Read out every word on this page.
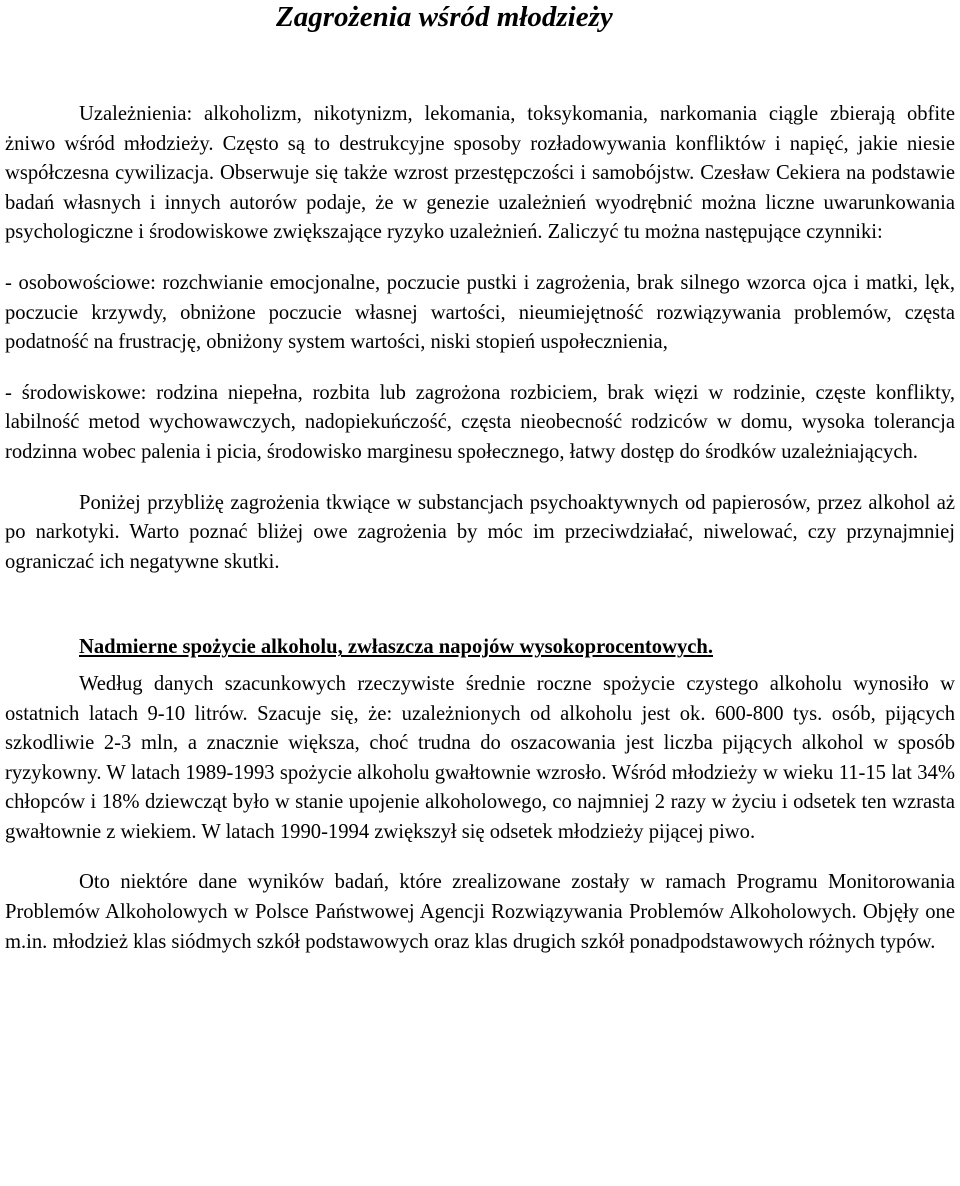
Zagrożenia wśród młodzieży

Uzależnienia: alkoholizm, nikotynizm, lekomania, toksykomania, narkomania ciągle zbierają obfite żniwo wśród młodzieży. Często są to destrukcyjne sposoby rozładowywania konfliktów i napięć, jakie niesie współczesna cywilizacja. Obserwuje się także wzrost przestępczości i samobójstw. Czesław Cekiera na podstawie badań własnych i innych autorów podaje, że w genezie uzależnień wyodrębnić można liczne uwarunkowania psychologiczne i środowiskowe zwiększające ryzyko uzależnień. Zaliczyć tu można następujące czynniki:

- osobowościowe: rozchwianie emocjonalne, poczucie pustki i zagrożenia, brak silnego wzorca ojca i matki, lęk, poczucie krzywdy, obniżone poczucie własnej wartości, nieumiejętność rozwiązywania problemów, częsta podatność na frustrację, obniżony system wartości, niski stopień uspołecznienia,

- środowiskowe: rodzina niepełna, rozbita lub zagrożona rozbiciem, brak więzi w rodzinie, częste konflikty, labilność metod wychowawczych, nadopiekuńczość, częsta nieobecność rodziców w domu, wysoka tolerancja rodzinna wobec palenia i picia, środowisko marginesu społecznego, łatwy dostęp do środków uzależniających.

Poniżej przybliżę zagrożenia tkwiące w substancjach psychoaktywnych od papierosów, przez alkohol aż po narkotyki. Warto poznać bliżej owe zagrożenia by móc im przeciwdziałać, niwelować, czy przynajmniej ograniczać ich negatywne skutki.

Nadmierne spożycie alkoholu, zwłaszcza napojów wysokoprocentowych.

Według danych szacunkowych rzeczywiste średnie roczne spożycie czystego alkoholu wynosiło w ostatnich latach 9-10 litrów. Szacuje się, że: uzależnionych od alkoholu jest ok. 600-800 tys. osób, pijących szkodliwie 2-3 mln, a znacznie większa, choć trudna do oszacowania jest liczba pijących alkohol w sposób ryzykowny. W latach 1989-1993 spożycie alkoholu gwałtownie wzrosło. Wśród młodzieży w wieku 11-15 lat 34% chłopców i 18% dziewcząt było w stanie upojenie alkoholowego, co najmniej 2 razy w życiu i odsetek ten wzrasta gwałtownie z wiekiem. W latach 1990-1994 zwiększył się odsetek młodzieży pijącej piwo.

Oto niektóre dane wyników badań, które zrealizowane zostały w ramach Programu Monitorowania Problemów Alkoholowych w Polsce Państwowej Agencji Rozwiązywania Problemów Alkoholowych. Objęły one m.in. młodzież klas siódmych szkół podstawowych oraz klas drugich szkół ponadpodstawowych różnych typów.
